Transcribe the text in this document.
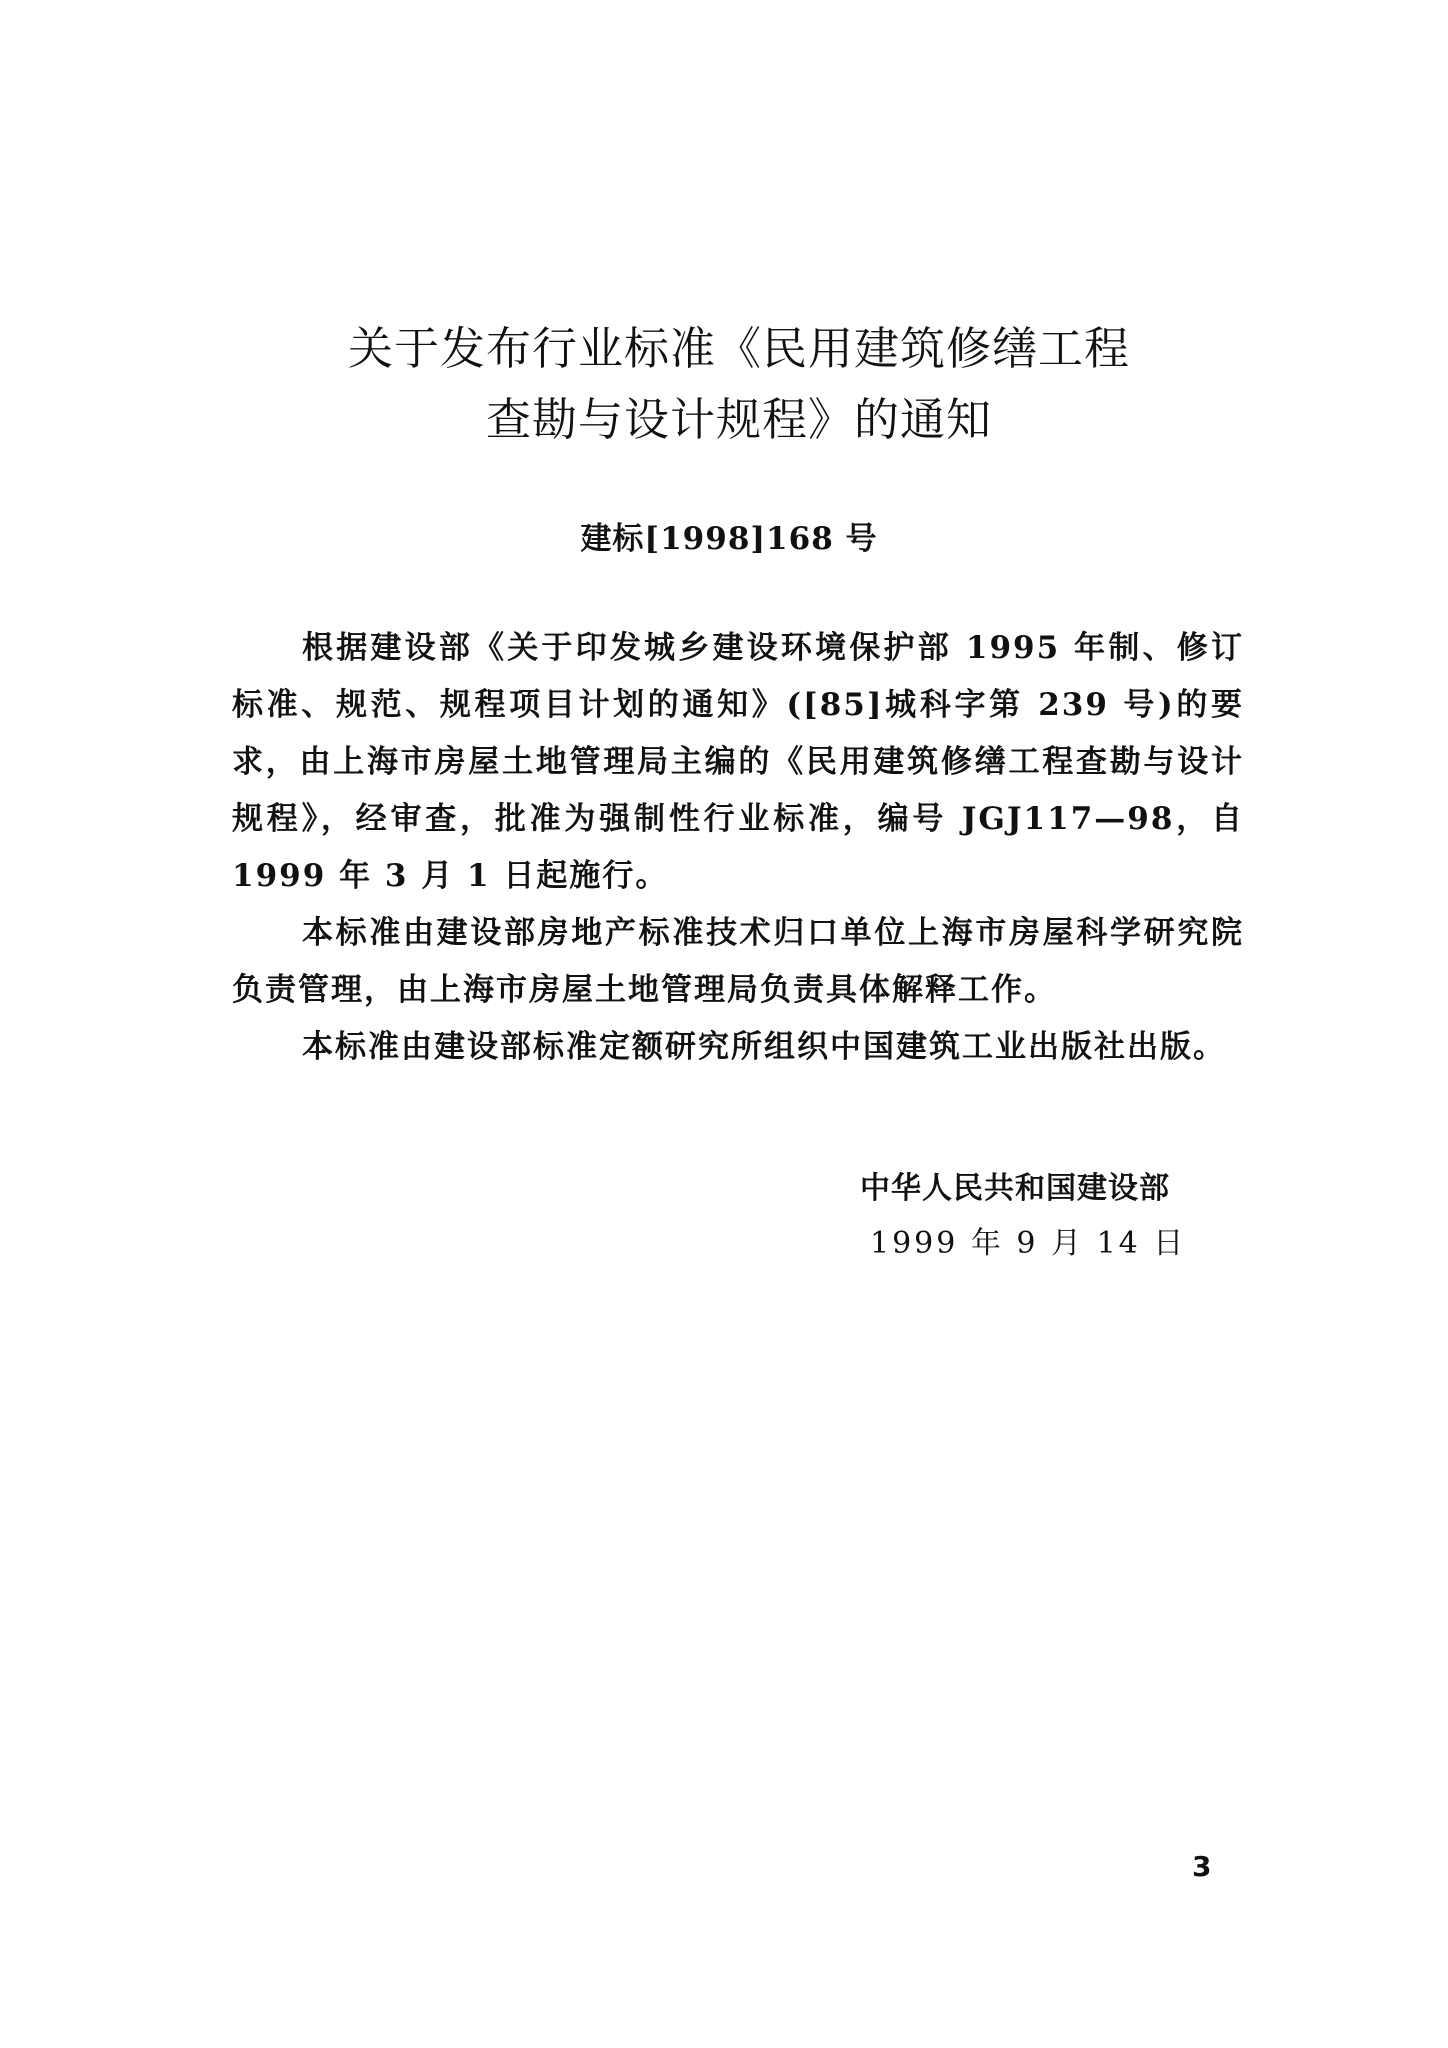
关于发布行业标准《民用建筑修缮工程
查勘与设计规程》的通知
建标[1998]168 号

根据建设部《关于印发城乡建设环境保护部 1995 年制、修订标准、规范、规程项目计划的通知》([85]城科字第 239 号)的要求，由上海市房屋土地管理局主编的《民用建筑修缮工程查勘与设计规程》，经审查，批准为强制性行业标准，编号 JGJ117—98，自 1999 年 3 月 1 日起施行。

本标准由建设部房地产标准技术归口单位上海市房屋科学研究院负责管理，由上海市房屋土地管理局负责具体解释工作。

本标准由建设部标准定额研究所组织中国建筑工业出版社出版。

中华人民共和国建设部
1999 年 9 月 14 日
3
